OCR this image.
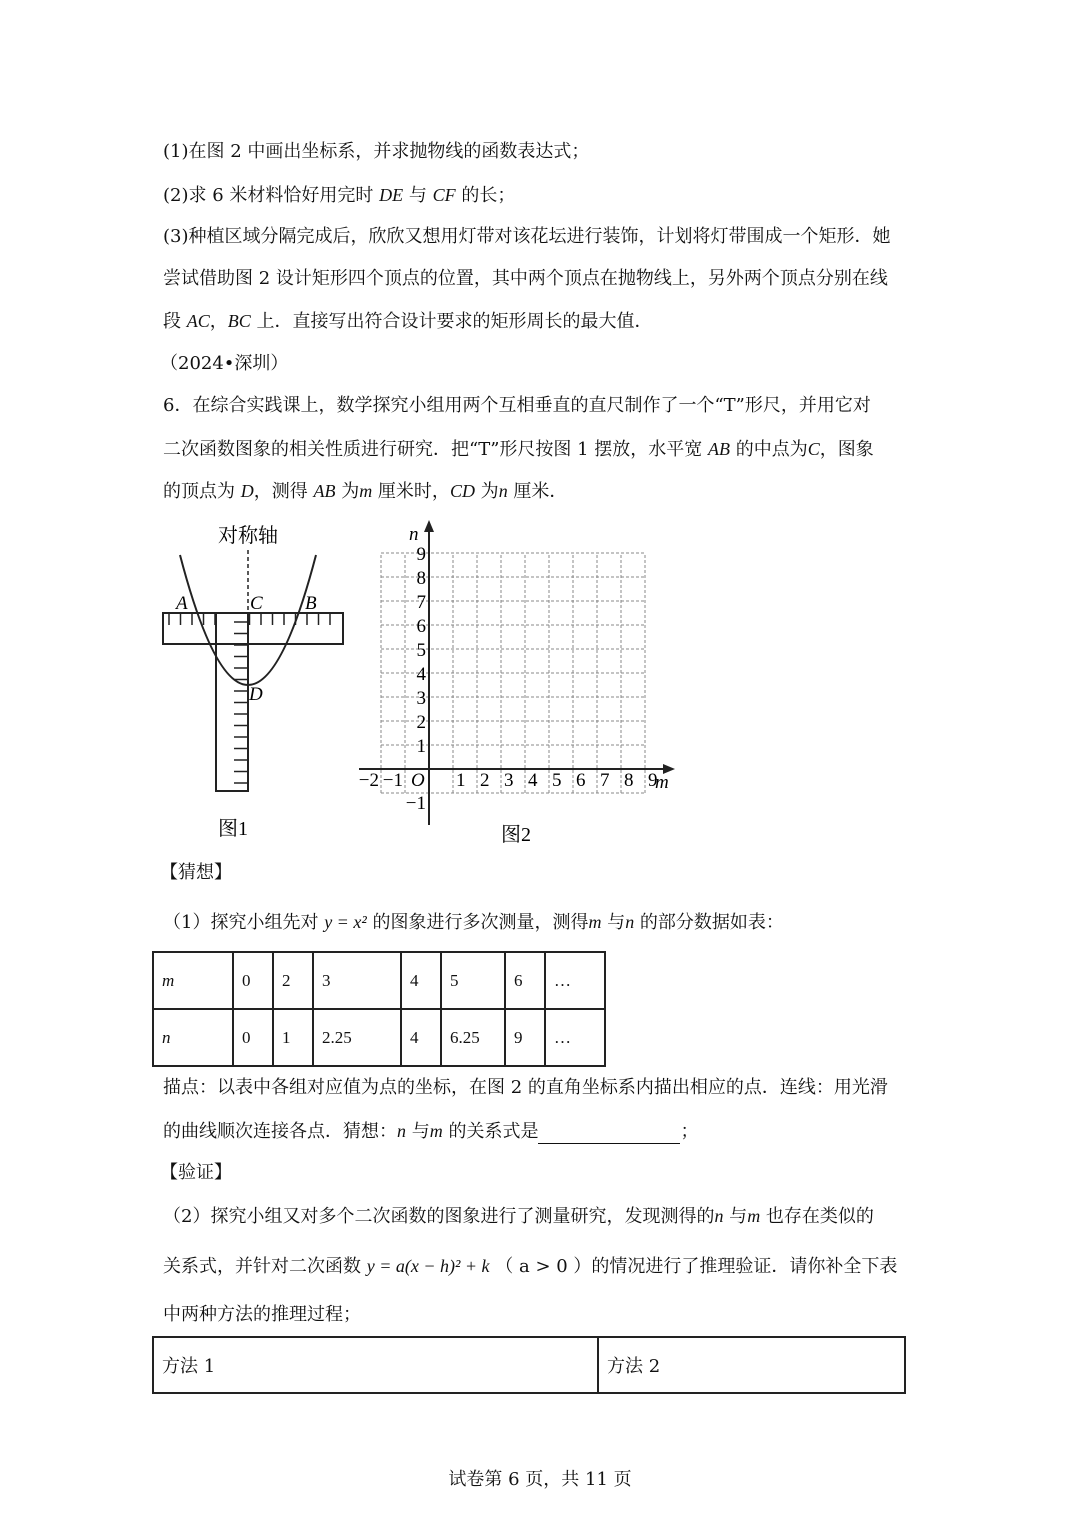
(1)在图 2 中画出坐标系，并求抛物线的函数表达式；
(2)求 6 米材料恰好用完时 DE 与 CF 的长；
(3)种植区域分隔完成后，欣欣又想用灯带对该花坛进行装饰，计划将灯带围成一个矩形．她
尝试借助图 2 设计矩形四个顶点的位置，其中两个顶点在抛物线上，另外两个顶点分别在线
段 AC，BC 上．直接写出符合设计要求的矩形周长的最大值．
（2024•深圳）
6．在综合实践课上，数学探究小组用两个互相垂直的直尺制作了一个“T”形尺，并用它对
二次函数图象的相关性质进行研究．把“T”形尺按图 1 摆放，水平宽 AB 的中点为C，图象
的顶点为 D，测得 AB 为m 厘米时，CD 为n 厘米．
对称轴
A	C B
D
图1
n
m
O
−2 −1	1 2 3 4 5 6 7 8 9
9
8
7
6
5
4
3
2
1
−1
图2
【猜想】
（1）探究小组先对 y = x² 的图象进行多次测量，测得m 与n 的部分数据如表：
m	0	2	3	4	5	6	…
n	0	1	2.25	4	6.25	9	…
描点：以表中各组对应值为点的坐标，在图 2 的直角坐标系内描出相应的点．连线：用光滑
的曲线顺次连接各点．猜想：n 与m 的关系式是	；
【验证】
（2）探究小组又对多个二次函数的图象进行了测量研究，发现测得的n 与m 也存在类似的
关系式，并针对二次函数 y = a(x − h)² + k （ a > 0 ）的情况进行了推理验证．请你补全下表
中两种方法的推理过程；
方法 1	方法 2
试卷第 6 页，共 11 页
